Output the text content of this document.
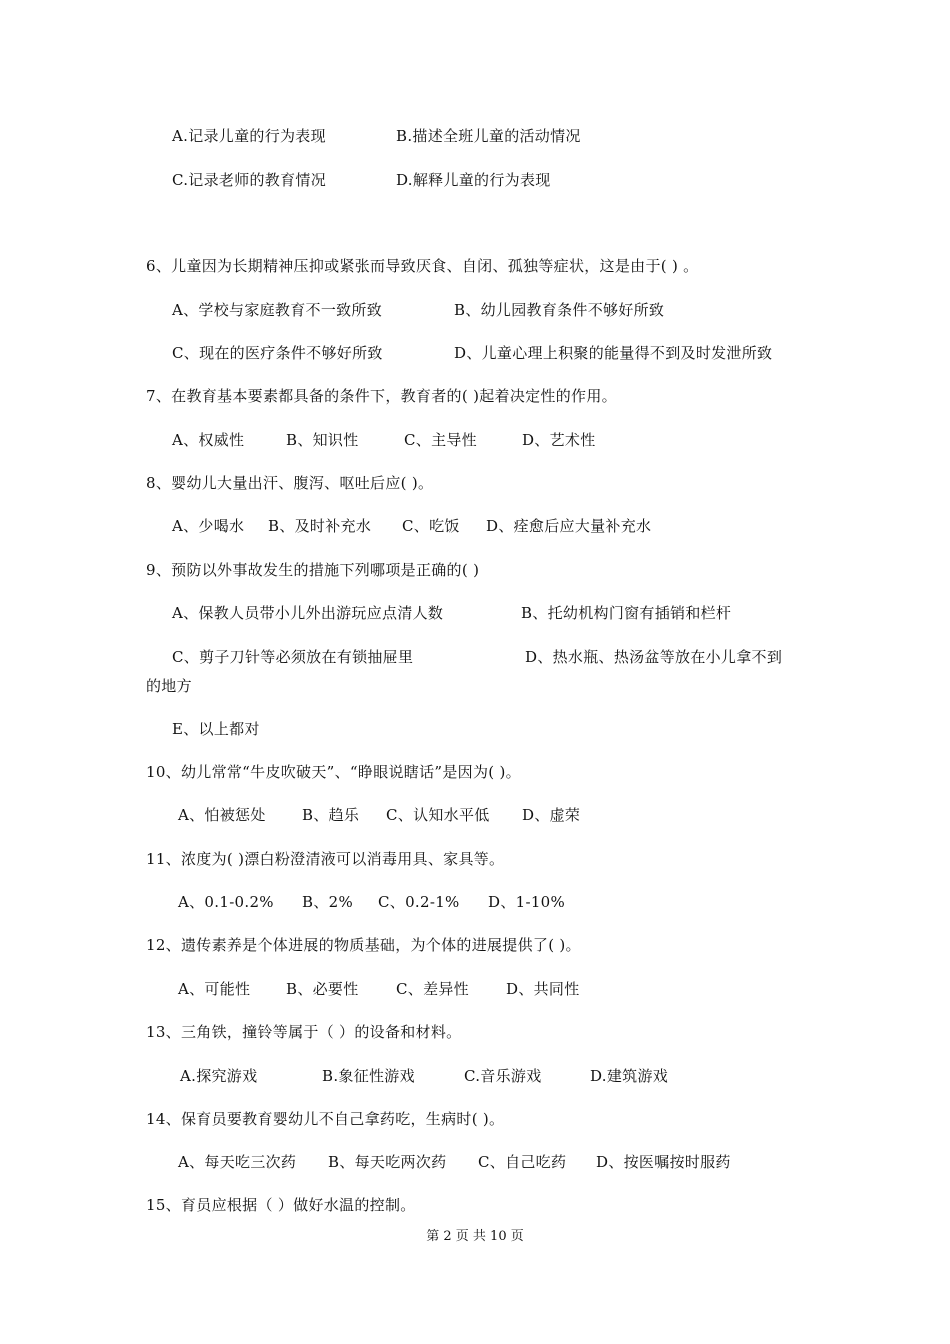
A.记录儿童的行为表现	B.描述全班儿童的活动情况
C.记录老师的教育情况	D.解释儿童的行为表现
6、儿童因为长期精神压抑或紧张而导致厌食、自闭、孤独等症状，这是由于( ) 。
A、学校与家庭教育不一致所致	B、幼儿园教育条件不够好所致
C、现在的医疗条件不够好所致	D、儿童心理上积聚的能量得不到及时发泄所致
7、在教育基本要素都具备的条件下，教育者的( )起着决定性的作用。
A、权威性	B、知识性	C、主导性	D、艺术性
8、婴幼儿大量出汗、腹泻、呕吐后应( )。
A、少喝水 B、及时补充水 C、吃饭 D、痊愈后应大量补充水
9、预防以外事故发生的措施下列哪项是正确的( )
A、保教人员带小儿外出游玩应点清人数	B、托幼机构门窗有插销和栏杆
C、剪子刀针等必须放在有锁抽屉里	D、热水瓶、热汤盆等放在小儿拿不到
的地方
E、以上都对
10、幼儿常常“牛皮吹破天”、“睁眼说瞎话”是因为( )。
A、怕被惩处 B、趋乐 C、认知水平低 D、虚荣
11、浓度为( )漂白粉澄清液可以消毒用具、家具等。
A、0.1-0.2% B、2% C、0.2-1% D、1-10%
12、遗传素养是个体进展的物质基础，为个体的进展提供了( )。
A、可能性 B、必要性 C、差异性 D、共同性
13、三角铁，撞铃等属于（ ）的设备和材料。
A.探究游戏	B.象征性游戏	C.音乐游戏	D.建筑游戏
14、保育员要教育婴幼儿不自己拿药吃，生病时( )。
A、每天吃三次药 B、每天吃两次药 C、自己吃药 D、按医嘱按时服药
15、育员应根据（ ）做好水温的控制。
第 2 页 共 10 页
